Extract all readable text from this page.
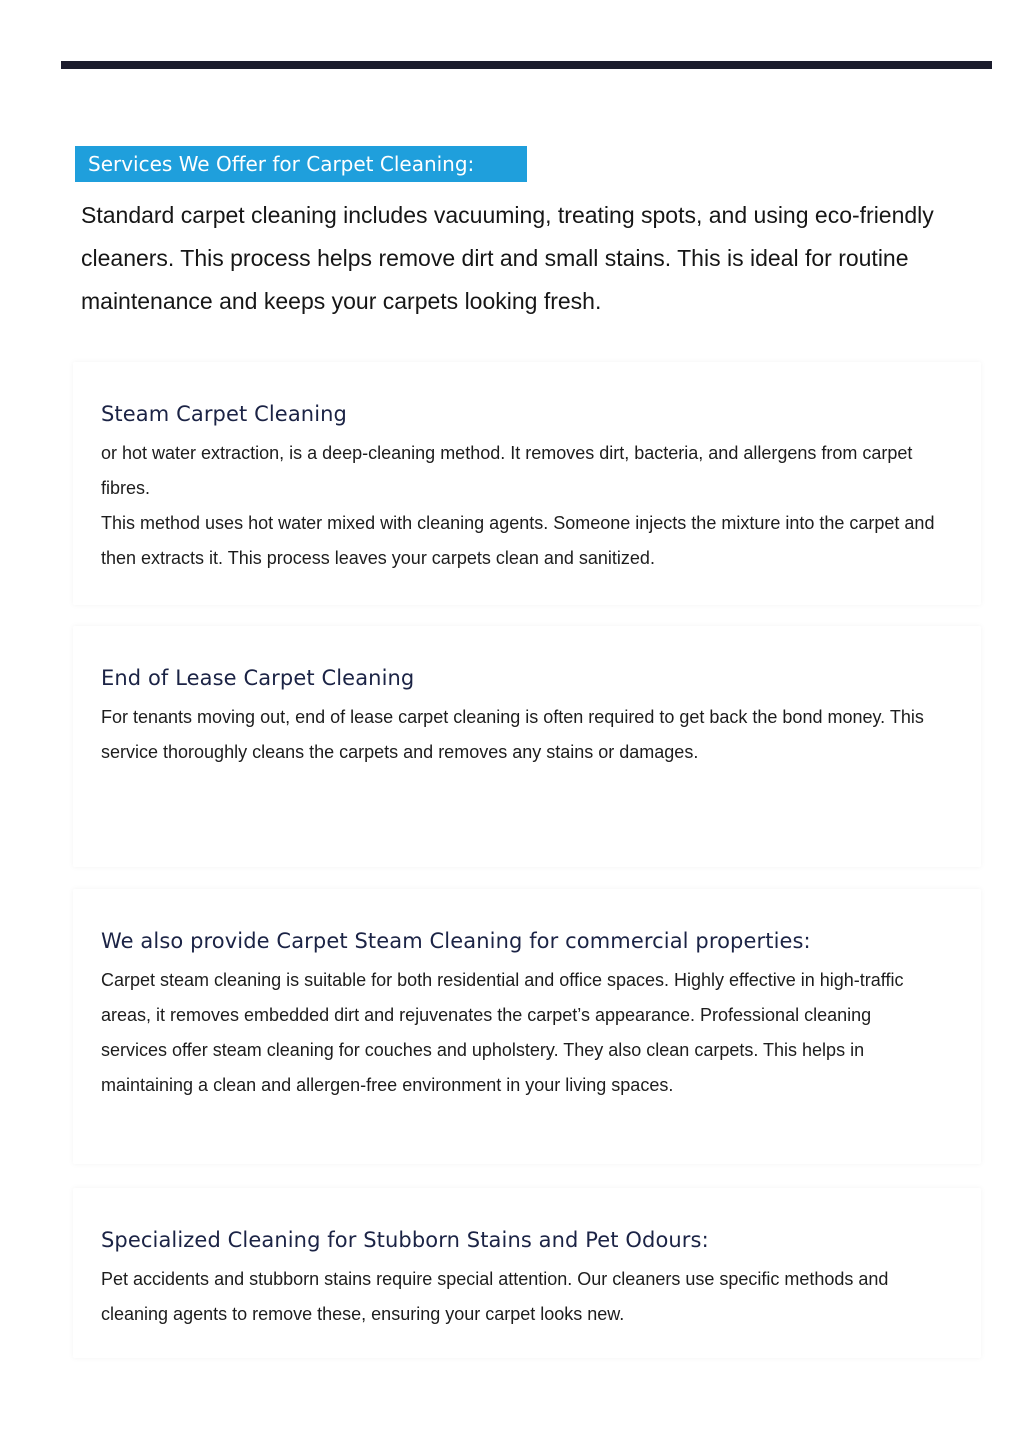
Services We Offer for Carpet Cleaning:

Standard carpet cleaning includes vacuuming, treating spots, and using eco-friendly cleaners. This process helps remove dirt and small stains. This is ideal for routine maintenance and keeps your carpets looking fresh.

Steam Carpet Cleaning

or hot water extraction, is a deep-cleaning method. It removes dirt, bacteria, and allergens from carpet fibres.

This method uses hot water mixed with cleaning agents. Someone injects the mixture into the carpet and then extracts it. This process leaves your carpets clean and sanitized.

End of Lease Carpet Cleaning

For tenants moving out, end of lease carpet cleaning is often required to get back the bond money. This service thoroughly cleans the carpets and removes any stains or damages.

We also provide Carpet Steam Cleaning for commercial properties:

Carpet steam cleaning is suitable for both residential and office spaces. Highly effective in high-traffic areas, it removes embedded dirt and rejuvenates the carpet’s appearance. Professional cleaning services offer steam cleaning for couches and upholstery. They also clean carpets. This helps in maintaining a clean and allergen-free environment in your living spaces.

Specialized Cleaning for Stubborn Stains and Pet Odours:

Pet accidents and stubborn stains require special attention. Our cleaners use specific methods and cleaning agents to remove these, ensuring your carpet looks new.
